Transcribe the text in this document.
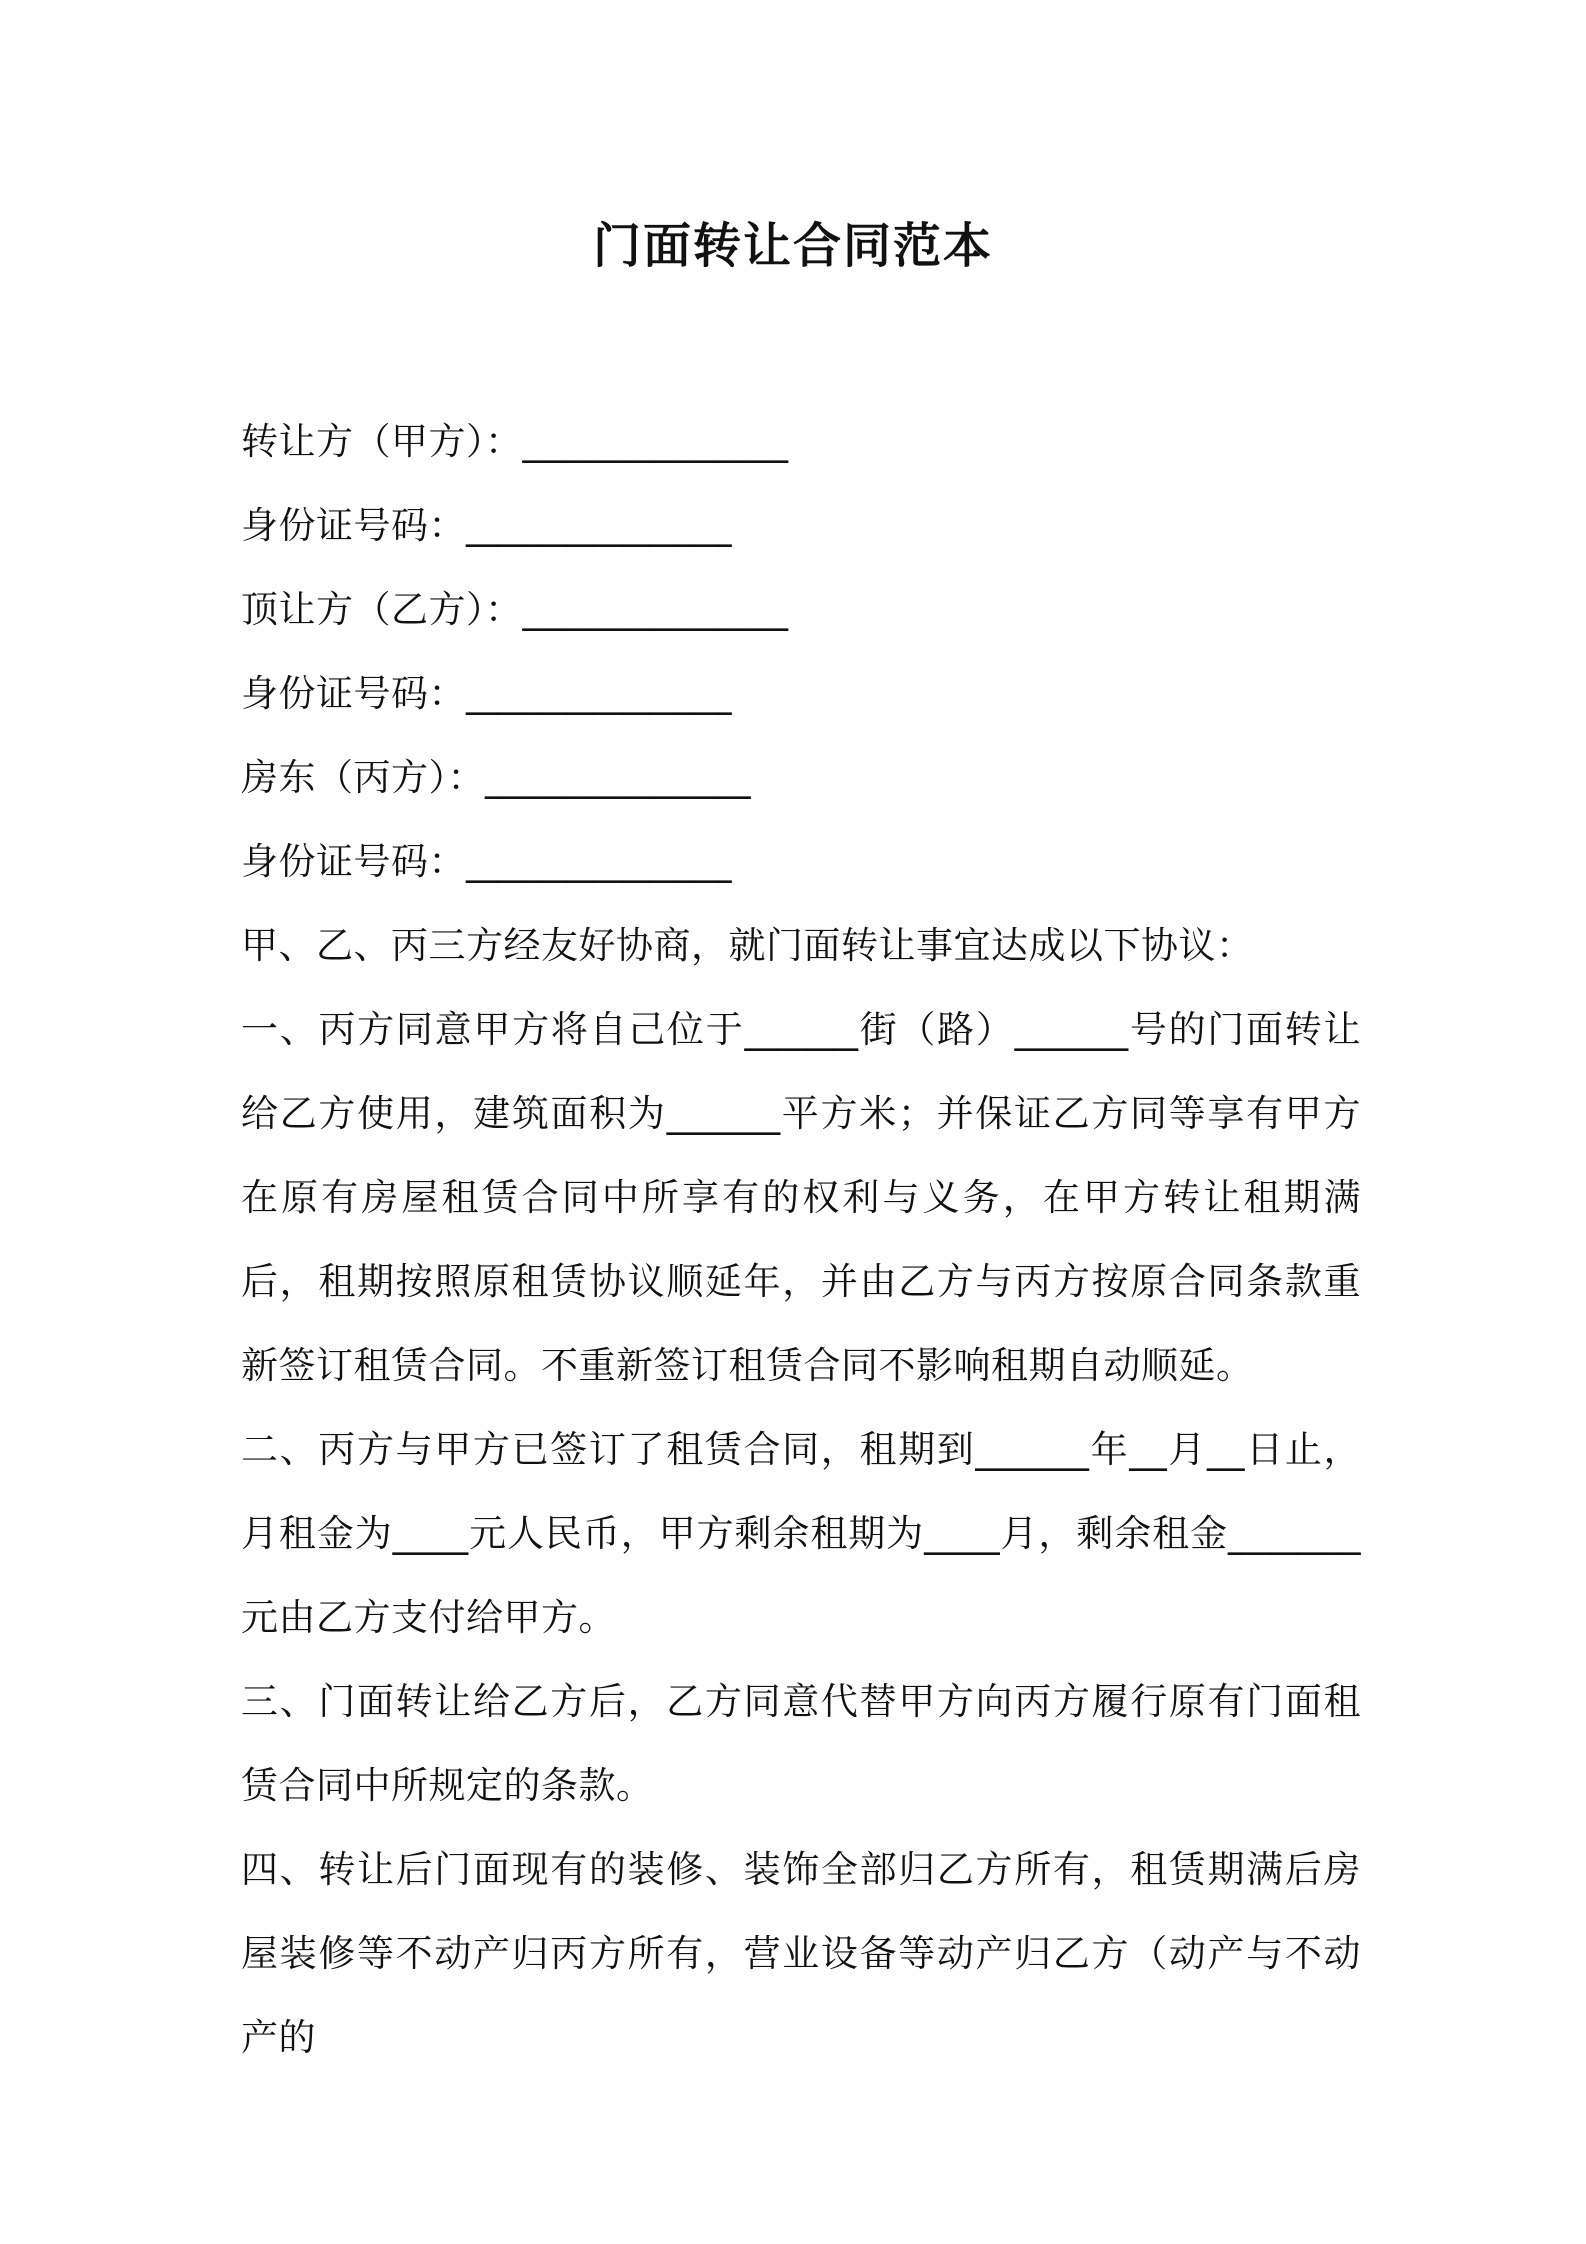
门面转让合同范本

转让方（甲方）：______________

身份证号码：______________

顶让方（乙方）：______________

身份证号码：______________

房东（丙方）：______________

身份证号码：______________

甲、乙、丙三方经友好协商，就门面转让事宜达成以下协议：

一、丙方同意甲方将自己位于______街（路）______号的门面转让给乙方使用，建筑面积为______平方米；并保证乙方同等享有甲方在原有房屋租赁合同中所享有的权利与义务，在甲方转让租期满后，租期按照原租赁协议顺延年，并由乙方与丙方按原合同条款重新签订租赁合同。不重新签订租赁合同不影响租期自动顺延。

二、丙方与甲方已签订了租赁合同，租期到______年__月__日止，月租金为____元人民币，甲方剩余租期为____月，剩余租金_______元由乙方支付给甲方。

三、门面转让给乙方后，乙方同意代替甲方向丙方履行原有门面租赁合同中所规定的条款。

四、转让后门面现有的装修、装饰全部归乙方所有，租赁期满后房屋装修等不动产归丙方所有，营业设备等动产归乙方（动产与不动产的
